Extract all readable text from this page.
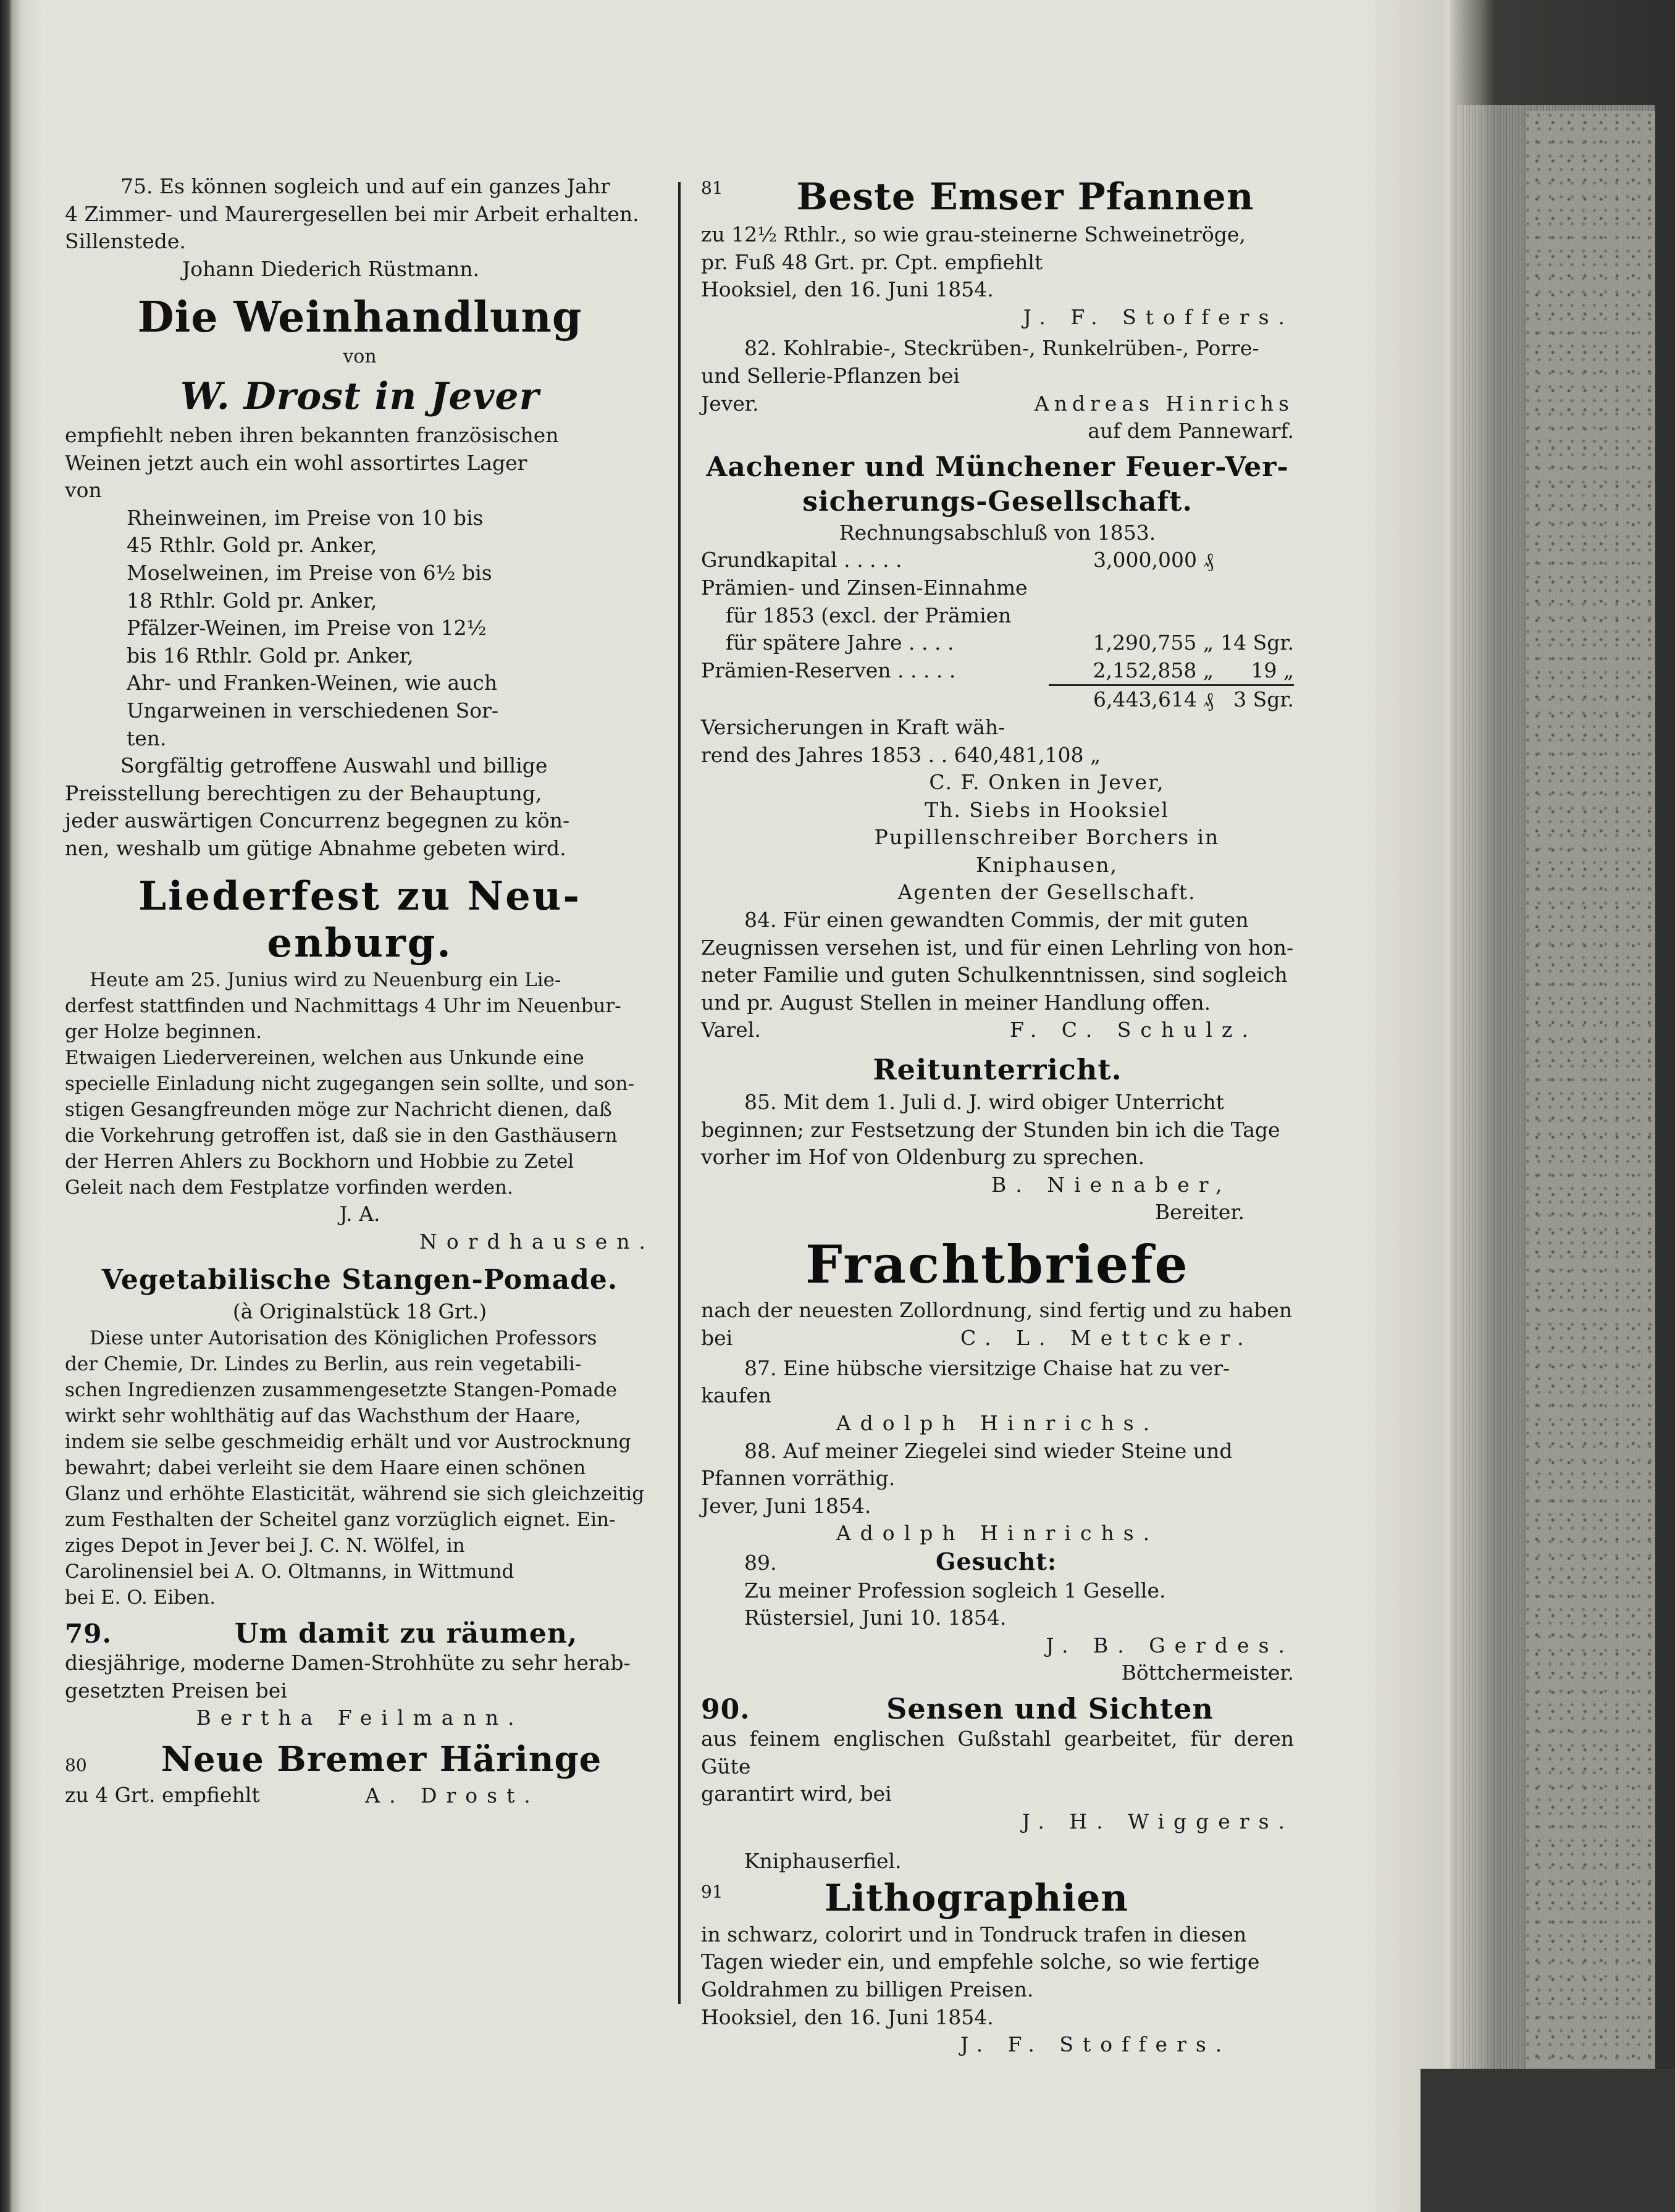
75. Es können sogleich und auf ein ganzes Jahr
4 Zimmer- und Maurergesellen bei mir Arbeit erhalten.
Sillenstede.

Johann Diederich Rüstmann.

Die Weinhandlung

von

W. Drost in Jever

empfiehlt neben ihren bekannten französischen
Weinen jetzt auch ein wohl assortirtes Lager
von

Rheinweinen, im Preise von 10 bis
45 Rthlr. Gold pr. Anker,

Moselweinen, im Preise von 6½ bis
18 Rthlr. Gold pr. Anker,

Pfälzer-Weinen, im Preise von 12½
bis 16 Rthlr. Gold pr. Anker,

Ahr- und Franken-Weinen, wie auch
Ungarweinen in verschiedenen Sor-
ten.

Sorgfältig getroffene Auswahl und billige
Preisstellung berechtigen zu der Behauptung,
jeder auswärtigen Concurrenz begegnen zu kön-
nen, weshalb um gütige Abnahme gebeten wird.

Liederfest zu Neu- enburg.

Heute am 25. Junius wird zu Neuenburg ein Lie-
derfest stattfinden und Nachmittags 4 Uhr im Neuenbur-
ger Holze beginnen.
Etwaigen Liedervereinen, welchen aus Unkunde eine
specielle Einladung nicht zugegangen sein sollte, und son-
stigen Gesangfreunden möge zur Nachricht dienen, daß
die Vorkehrung getroffen ist, daß sie in den Gasthäusern
der Herren Ahlers zu Bockhorn und Hobbie zu Zetel
Geleit nach dem Festplatze vorfinden werden.

J. A.

Nordhausen.

Vegetabilische Stangen-Pomade.

(à Originalstück 18 Grt.)

Diese unter Autorisation des Königlichen Professors
der Chemie, Dr. Lindes zu Berlin, aus rein vegetabili-
schen Ingredienzen zusammengesetzte Stangen-Pomade
wirkt sehr wohlthätig auf das Wachsthum der Haare,
indem sie selbe geschmeidig erhält und vor Austrocknung
bewahrt; dabei verleiht sie dem Haare einen schönen
Glanz und erhöhte Elasticität, während sie sich gleichzeitig
zum Festhalten der Scheitel ganz vorzüglich eignet. Ein-
ziges Depot in Jever bei J. C. N. Wölfel, in
Carolinensiel bei A. O. Oltmanns, in Wittmund
bei E. O. Eiben.

79.	Um damit zu räumen,

diesjährige, moderne Damen-Strohhüte zu sehr herab-
gesetzten Preisen bei

Bertha Feilmann.

80	Neue Bremer Häringe

zu 4 Grt. empfiehlt	A. Drost.

81	Beste Emser Pfannen

zu 12½ Rthlr., so wie grau-steinerne Schweinetröge,
pr. Fuß 48 Grt. pr. Cpt. empfiehlt
Hooksiel, den 16. Juni 1854.

J. F. Stoffers.

82. Kohlrabie-, Steckrüben-, Runkelrüben-, Porre-
und Sellerie-Pflanzen bei

Jever.	Andreas Hinrichs

auf dem Pannewarf.

Aachener und Münchener Feuer-Ver-
sicherungs-Gesellschaft.

Rechnungsabschluß von 1853.

Grundkapital . . . . .	3,000,000 ₰	
Prämien- und Zinsen-Einnahme		
für 1853 (excl. der Prämien		
für spätere Jahre . . . .	1,290,755 „	14 Sgr.
Prämien-Reserven . . . . .	2,152,858 „	19 „
	6,443,614 ₰	3 Sgr.

Versicherungen in Kraft wäh-
rend des Jahres 1853 . . 640,481,108 „

C. F. Onken in Jever,
Th. Siebs in Hooksiel
Pupillenschreiber Borchers in Kniphausen,
Agenten der Gesellschaft.

84. Für einen gewandten Commis, der mit guten
Zeugnissen versehen ist, und für einen Lehrling von hon-
neter Familie und guten Schulkenntnissen, sind sogleich
und pr. August Stellen in meiner Handlung offen.

Varel.	F. C. Schulz.

Reitunterricht.

85. Mit dem 1. Juli d. J. wird obiger Unterricht
beginnen; zur Festsetzung der Stunden bin ich die Tage
vorher im Hof von Oldenburg zu sprechen.

B. Nienaber,

Bereiter.

Frachtbriefe

nach der neuesten Zollordnung, sind fertig und zu haben
bei	C. L. Mettcker.

87. Eine hübsche viersitzige Chaise hat zu ver-
kaufen

Adolph Hinrichs.

88. Auf meiner Ziegelei sind wieder Steine und
Pfannen vorräthig.
Jever, Juni 1854.

Adolph Hinrichs.

89.	Gesucht:

Zu meiner Profession sogleich 1 Geselle.
Rüstersiel, Juni 10. 1854.

J. B. Gerdes.

Böttchermeister.

90.	Sensen und Sichten

aus feinem englischen Gußstahl gearbeitet, für deren Güte
garantirt wird, bei

J. H. Wiggers.

Kniphauserfiel.

91	Lithographien

in schwarz, colorirt und in Tondruck trafen in diesen
Tagen wieder ein, und empfehle solche, so wie fertige
Goldrahmen zu billigen Preisen.
Hooksiel, den 16. Juni 1854.

J. F. Stoffers.
